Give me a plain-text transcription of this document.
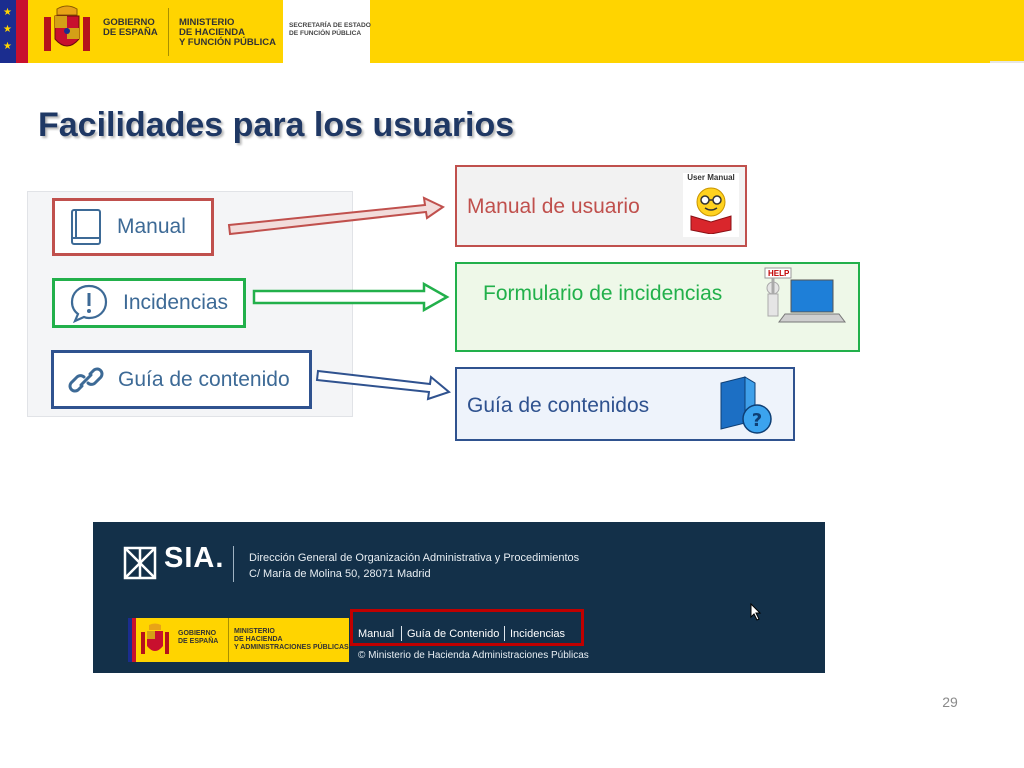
★
★
★
GOBIERNO
DE ESPAÑA
MINISTERIO
DE HACIENDA
Y FUNCIÓN PÚBLICA
SECRETARÍA DE ESTADO
DE FUNCIÓN PÚBLICA
Facilidades para los usuarios
Manual
Incidencias
Guía de contenido
Manual de usuario
User Manual
Formulario de incidencias
HELP
Guía de contenidos
?
SIA. Dirección General de Organización Administrativa y Procedimientos
C/ María de Molina 50, 28071 Madrid
GOBIERNO
DE ESPAÑA
MINISTERIO
DE HACIENDA
Y ADMINISTRACIONES PÚBLICAS
Manual Guía de Contenido Incidencias
© Ministerio de Hacienda Administraciones Públicas
29
